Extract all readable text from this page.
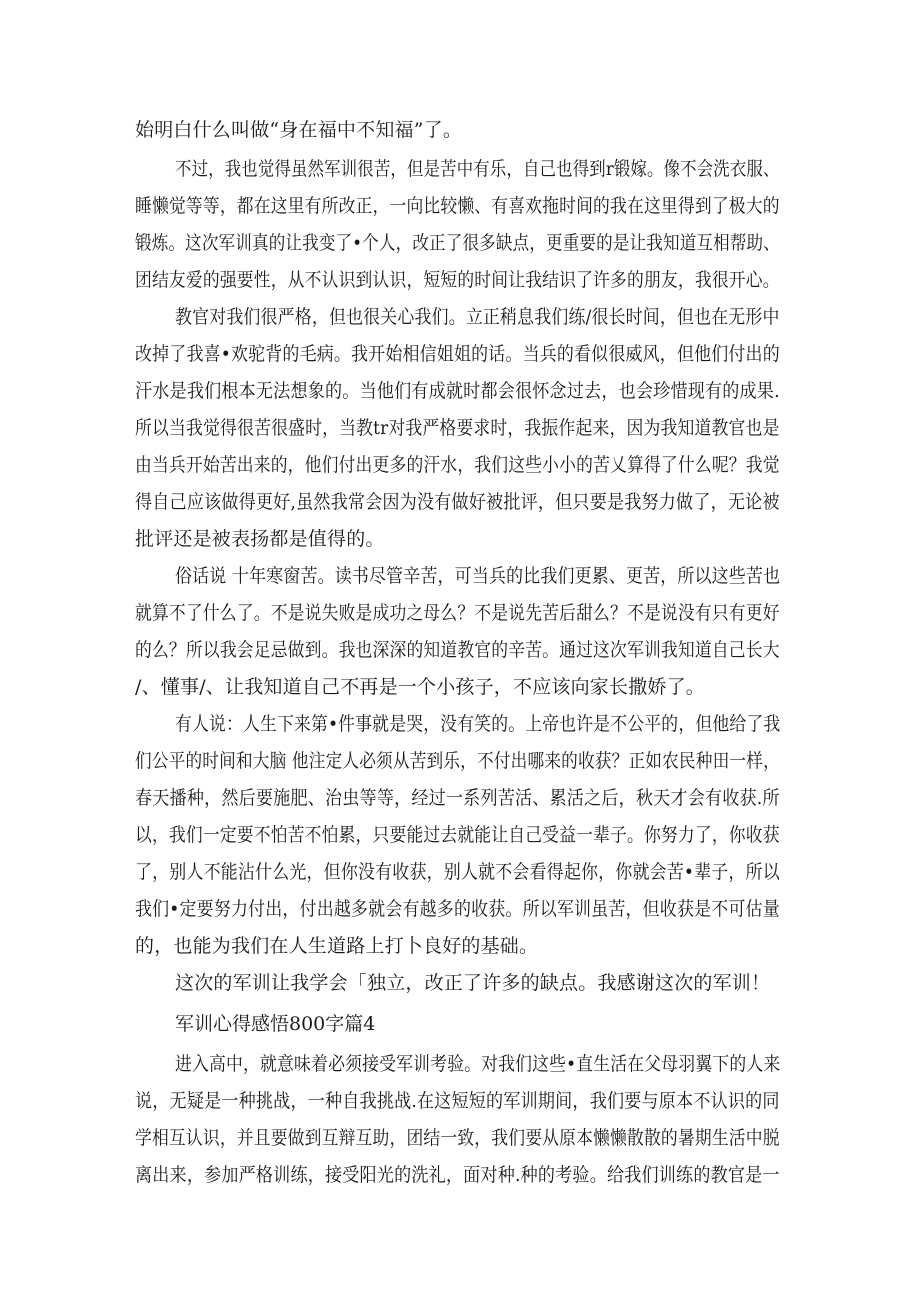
始明白什么叫做“身在福中不知福”了。
不过，我也觉得虽然军训很苦，但是苦中有乐，自己也得到r锻嫁。像不会洗衣服、
睡懒觉等等，都在这里有所改正，一向比较懒、有喜欢拖时间的我在这里得到了极大的
锻炼。这次军训真的让我变了•个人，改正了很多缺点，更重要的是让我知道互相帮助、
团结友爱的强要性，从不认识到认识，短短的时间让我结识了许多的朋友，我很开心。
教官对我们很严格，但也很关心我们。立正稍息我们练/很长时间，但也在无形中
改掉了我喜•欢驼背的毛病。我开始相信姐姐的话。当兵的看似很威风，但他们付出的
汗水是我们根本无法想象的。当他们有成就时都会很怀念过去，也会珍惜现有的成果.
所以当我觉得很苦很盛时，当教tr对我严格要求时，我振作起来，因为我知道教官也是
由当兵开始苦出来的，他们付出更多的汗水，我们这些小小的苦乂算得了什么呢？我觉
得自己应该做得更好,虽然我常会因为没有做好被批评，但只要是我努力做了，无论被
批评还是被表扬都是值得的。
俗话说 十年寒窗苦。读书尽管辛苦，可当兵的比我们更累、更苦，所以这些苦也
就算不了什么了。不是说失败是成功之母么？不是说先苦后甜么？不是说没有只有更好
的么？所以我会足忌做到。我也深深的知道教官的辛苦。通过这次军训我知道自己长大
/、懂事/、让我知道自己不再是一个小孩子，不应该向家长撒娇了。
有人说：人生下来第•件事就是哭，没有笑的。上帝也许是不公平的，但他给了我
们公平的时间和大脑 他注定人必须从苦到乐，不付出哪来的收获？正如农民种田一样，
春天播种，然后要施肥、治虫等等，经过一系列苦活、累活之后，秋天才会有收获.所
以，我们一定要不怕苦不怕累，只要能过去就能让自己受益一辈子。你努力了，你收获
了，别人不能沾什么光，但你没有收获，别人就不会看得起你，你就会苦•辈子，所以
我们•定要努力付出，付出越多就会有越多的收获。所以军训虽苦，但收获是不可估量
的，也能为我们在人生道路上打卜良好的基础。
这次的军训让我学会「独立，改正了许多的缺点。我感谢这次的军训！
军训心得感悟800字篇4
进入高中，就意味着必须接受军训考验。对我们这些•直生活在父母羽翼下的人来
说，无疑是一种挑战，一种自我挑战.在这短短的军训期间，我们要与原本不认识的同
学相互认识，并且要做到互辩互助，团结一致，我们要从原本懒懒散散的暑期生活中脱
离出来，参加严格训练，接受阳光的洗礼，面对种.种的考验。给我们训练的教官是一
